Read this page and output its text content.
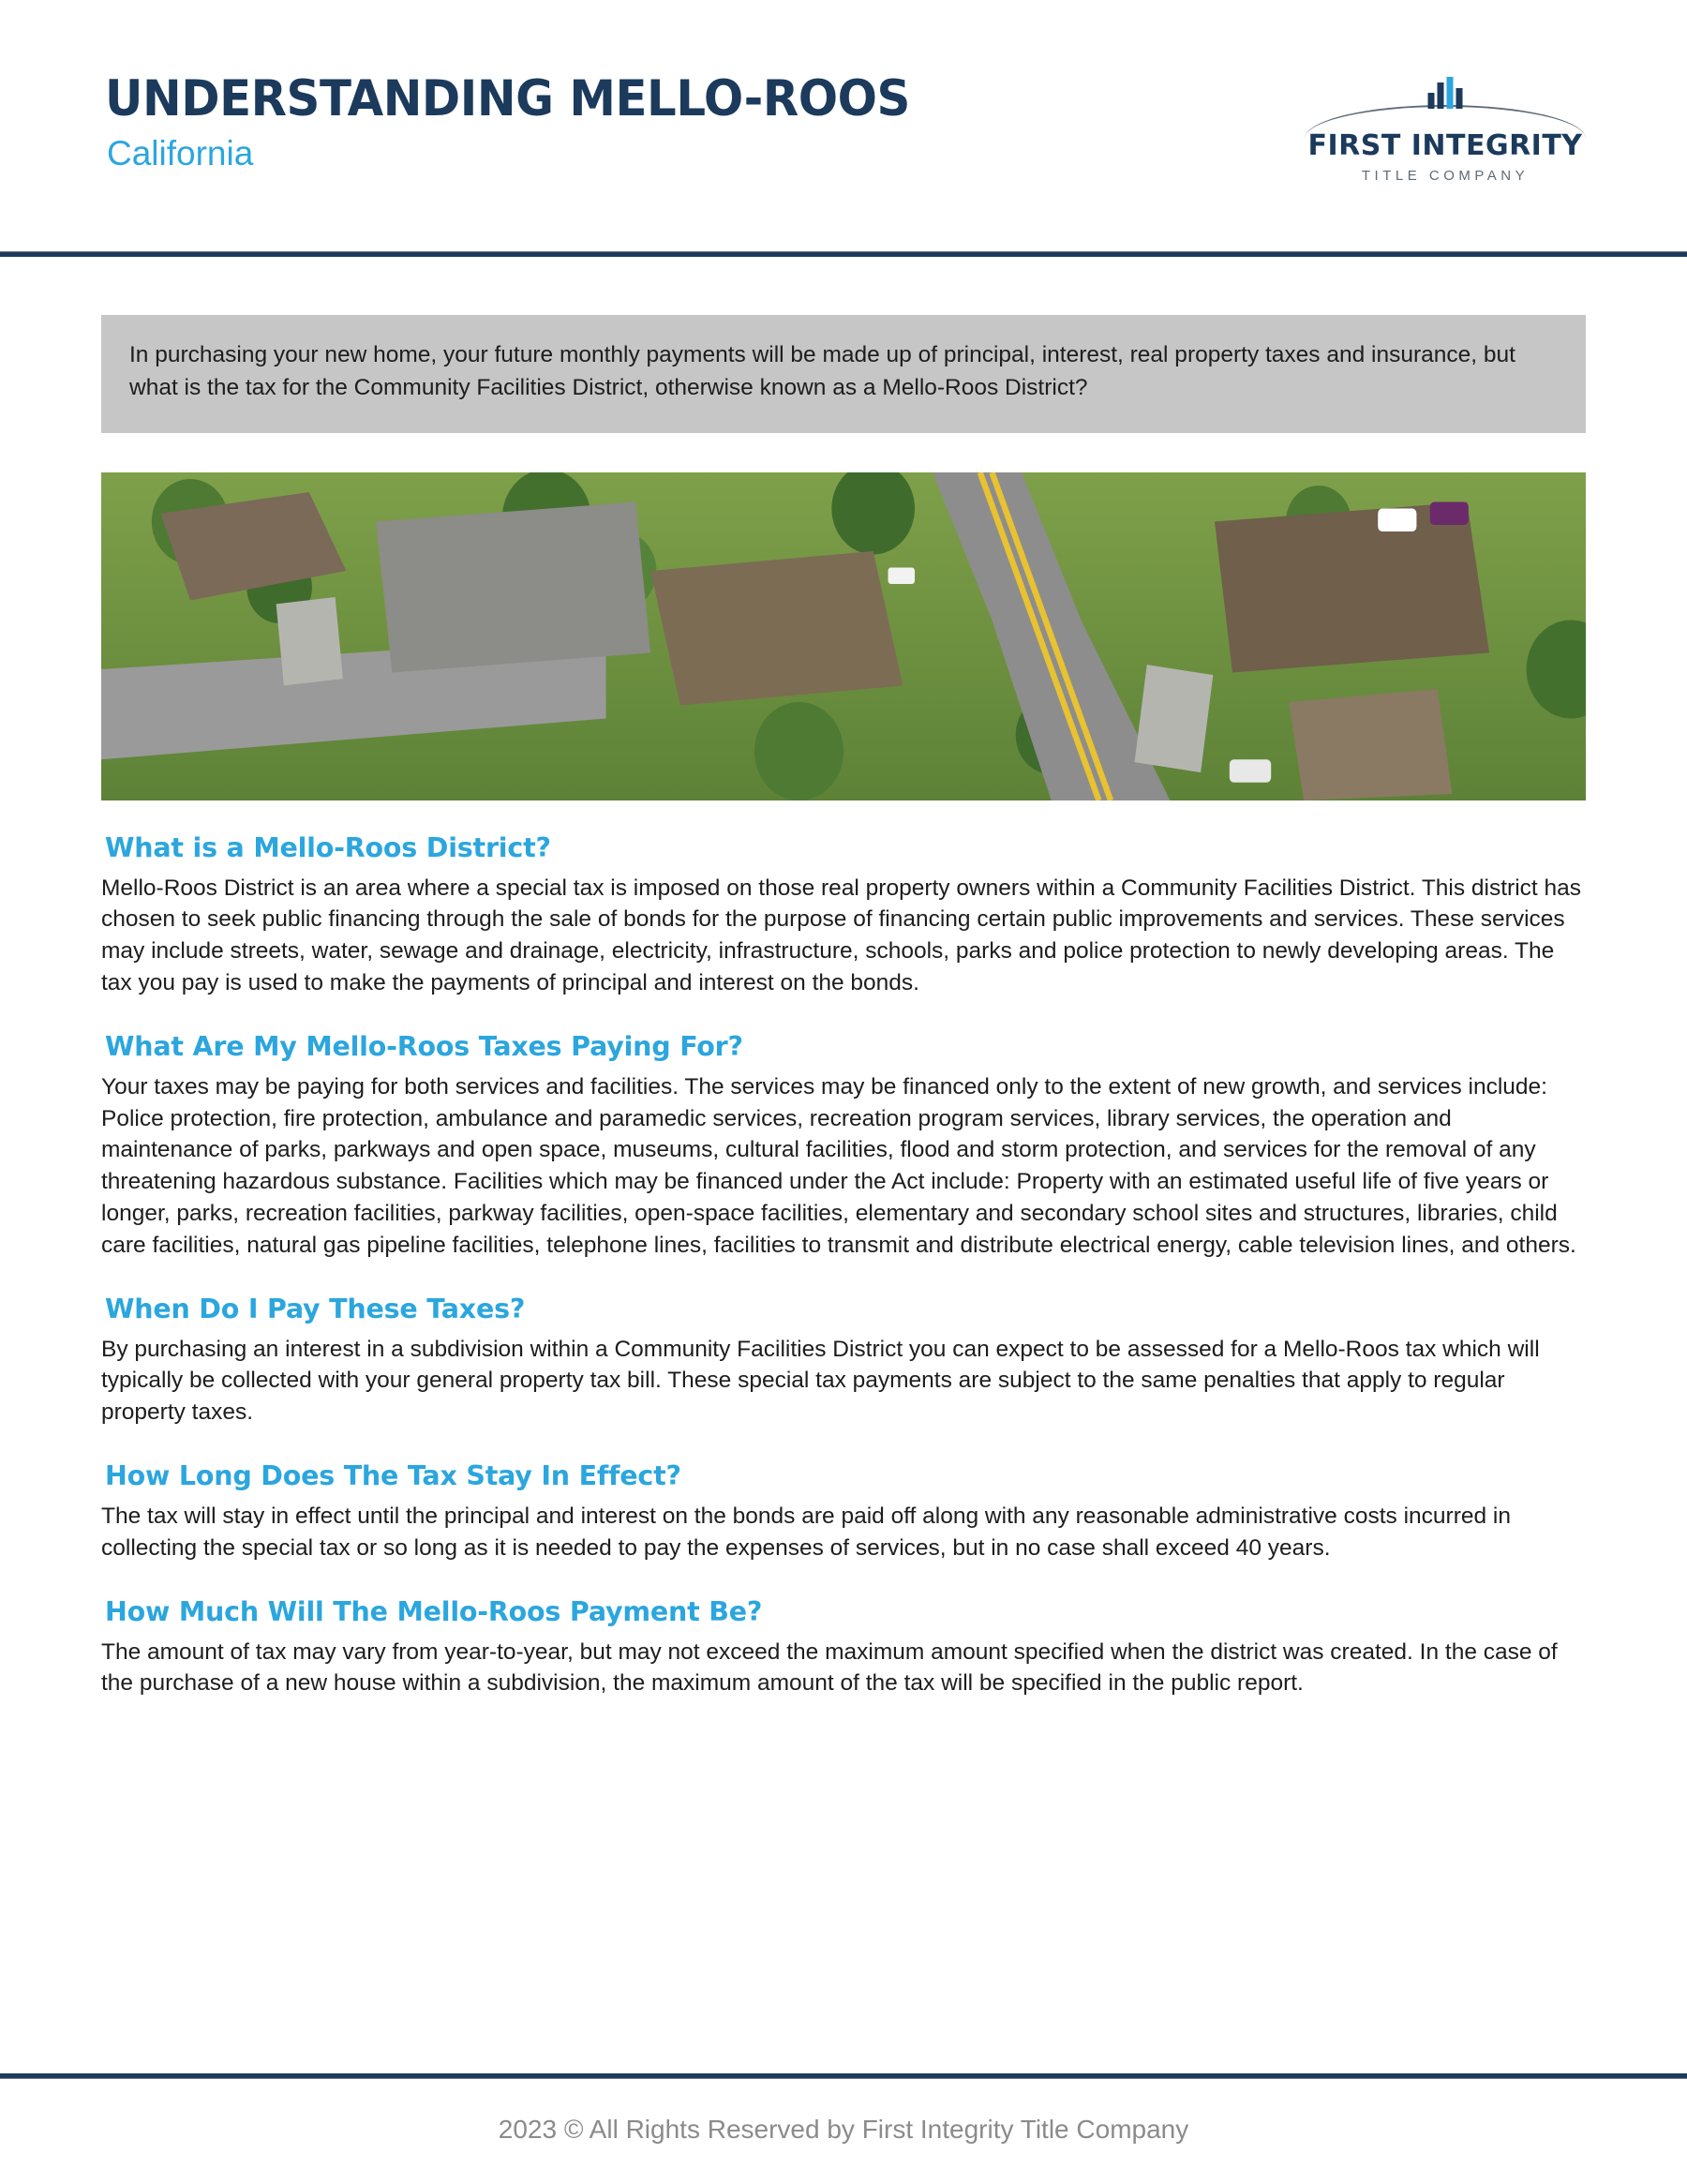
UNDERSTANDING MELLO-ROOS
California	FIRST INTEGRITY
TITLE COMPANY

In purchasing your new home, your future monthly payments will be made up of principal, interest, real property taxes and insurance, but what is the tax for the Community Facilities District, otherwise known as a Mello-Roos District?

What is a Mello-Roos District?

Mello-Roos District is an area where a special tax is imposed on those real property owners within a Community Facilities District. This district has chosen to seek public financing through the sale of bonds for the purpose of financing certain public improvements and services. These services may include streets, water, sewage and drainage, electricity, infrastructure, schools, parks and police protection to newly developing areas. The tax you pay is used to make the payments of principal and interest on the bonds.

What Are My Mello-Roos Taxes Paying For?

Your taxes may be paying for both services and facilities. The services may be financed only to the extent of new growth, and services include: Police protection, fire protection, ambulance and paramedic services, recreation program services, library services, the operation and maintenance of parks, parkways and open space, museums, cultural facilities, flood and storm protection, and services for the removal of any threatening hazardous substance. Facilities which may be financed under the Act include: Property with an estimated useful life of five years or longer, parks, recreation facilities, parkway facilities, open-space facilities, elementary and secondary school sites and structures, libraries, child care facilities, natural gas pipeline facilities, telephone lines, facilities to transmit and distribute electrical energy, cable television lines, and others.

When Do I Pay These Taxes?

By purchasing an interest in a subdivision within a Community Facilities District you can expect to be assessed for a Mello-Roos tax which will typically be collected with your general property tax bill. These special tax payments are subject to the same penalties that apply to regular property taxes.

How Long Does The Tax Stay In Effect?

The tax will stay in effect until the principal and interest on the bonds are paid off along with any reasonable administrative costs incurred in collecting the special tax or so long as it is needed to pay the expenses of services, but in no case shall exceed 40 years.

How Much Will The Mello-Roos Payment Be?

The amount of tax may vary from year-to-year, but may not exceed the maximum amount specified when the district was created. In the case of the purchase of a new house within a subdivision, the maximum amount of the tax will be specified in the public report.

2023 © All Rights Reserved by First Integrity Title Company
